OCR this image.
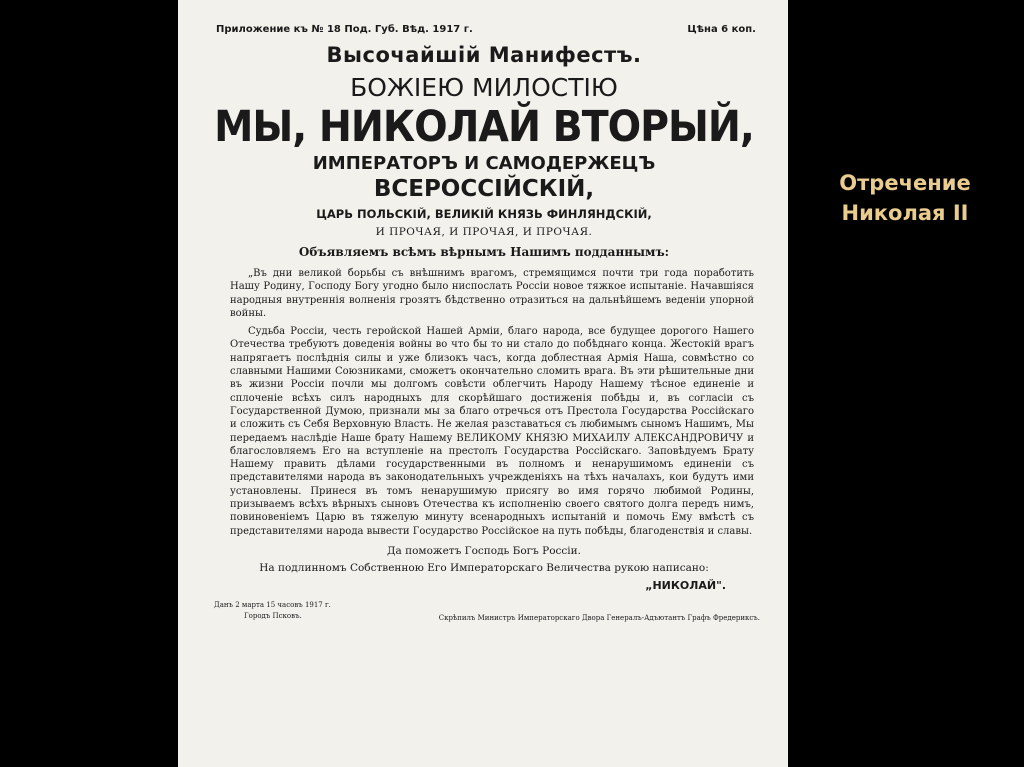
Приложение къ № 18 Под. Губ. Вѣд. 1917 г.	Цѣна 6 коп.
Высочайшій Манифестъ.
БОЖІЕЮ МИЛОСТІЮ
МЫ, НИКОЛАЙ ВТОРЫЙ,
ИМПЕРАТОРЪ И САМОДЕРЖЕЦЪ
ВСЕРОССІЙСКІЙ,
ЦАРЬ ПОЛЬСКІЙ, ВЕЛИКІЙ КНЯЗЬ ФИНЛЯНДСКІЙ,
И ПРОЧАЯ, И ПРОЧАЯ, И ПРОЧАЯ.
Объявляемъ всѣмъ вѣрнымъ Нашимъ подданнымъ:

„Въ дни великой борьбы съ внѣшнимъ врагомъ, стремящимся почти три года поработить Нашу Родину, Господу Богу угодно было ниспослать Россіи новое тяжкое испытаніе. Начавшіяся народныя внутреннія волненія грозятъ бѣдственно отразиться на дальнѣйшемъ веденіи упорной войны.

Судьба Россіи, честь геройской Нашей Арміи, благо народа, все будущее дорогого Нашего Отечества требуютъ доведенія войны во что бы то ни стало до побѣднаго конца. Жестокій врагъ напрягаетъ послѣднія силы и уже близокъ часъ, когда доблестная Армія Наша, совмѣстно со славными Нашими Союзниками, сможетъ окончательно сломить врага. Въ эти рѣшительные дни въ жизни Россіи почли мы долгомъ совѣсти облегчить Народу Нашему тѣсное единеніе и сплоченіе всѣхъ силъ народныхъ для скорѣйшаго достиженія побѣды и, въ согласіи съ Государственной Думою, признали мы за благо отречься отъ Престола Государства Россійскаго и сложить съ Себя Верховную Власть. Не желая разставаться съ любимымъ сыномъ Нашимъ, Мы передаемъ наслѣдіе Наше брату Нашему ВЕЛИКОМУ КНЯЗЮ МИХАИЛУ АЛЕКСАНДРОВИЧУ и благословляемъ Его на вступленіе на престолъ Государства Россійскаго. Заповѣдуемъ Брату Нашему править дѣлами государственными въ полномъ и ненарушимомъ единеніи съ представителями народа въ законодательныхъ учрежденіяхъ на тѣхъ началахъ, кои будутъ ими установлены. Принеся въ томъ ненарушимую присягу во имя горячо любимой Родины, призываемъ всѣхъ вѣрныхъ сыновъ Отечества къ исполненію своего святого долга передъ нимъ, повиновеніемъ Царю въ тяжелую минуту всенародныхъ испытаній и помочь Ему вмѣстѣ съ представителями народа вывести Государство Россійское на путь побѣды, благоденствія и славы.

Да поможетъ Господь Богъ Россіи.
На подлинномъ Собственною Его Императорскаго Величества рукою написано:
„НИКОЛАЙ".
Данъ 2 марта 15 часовъ 1917 г.
Городъ Псковъ.	Скрѣпилъ Министръ Императорскаго Двора Генералъ-Адъютантъ Графъ Фредериксъ.
Отречение
Николая II
